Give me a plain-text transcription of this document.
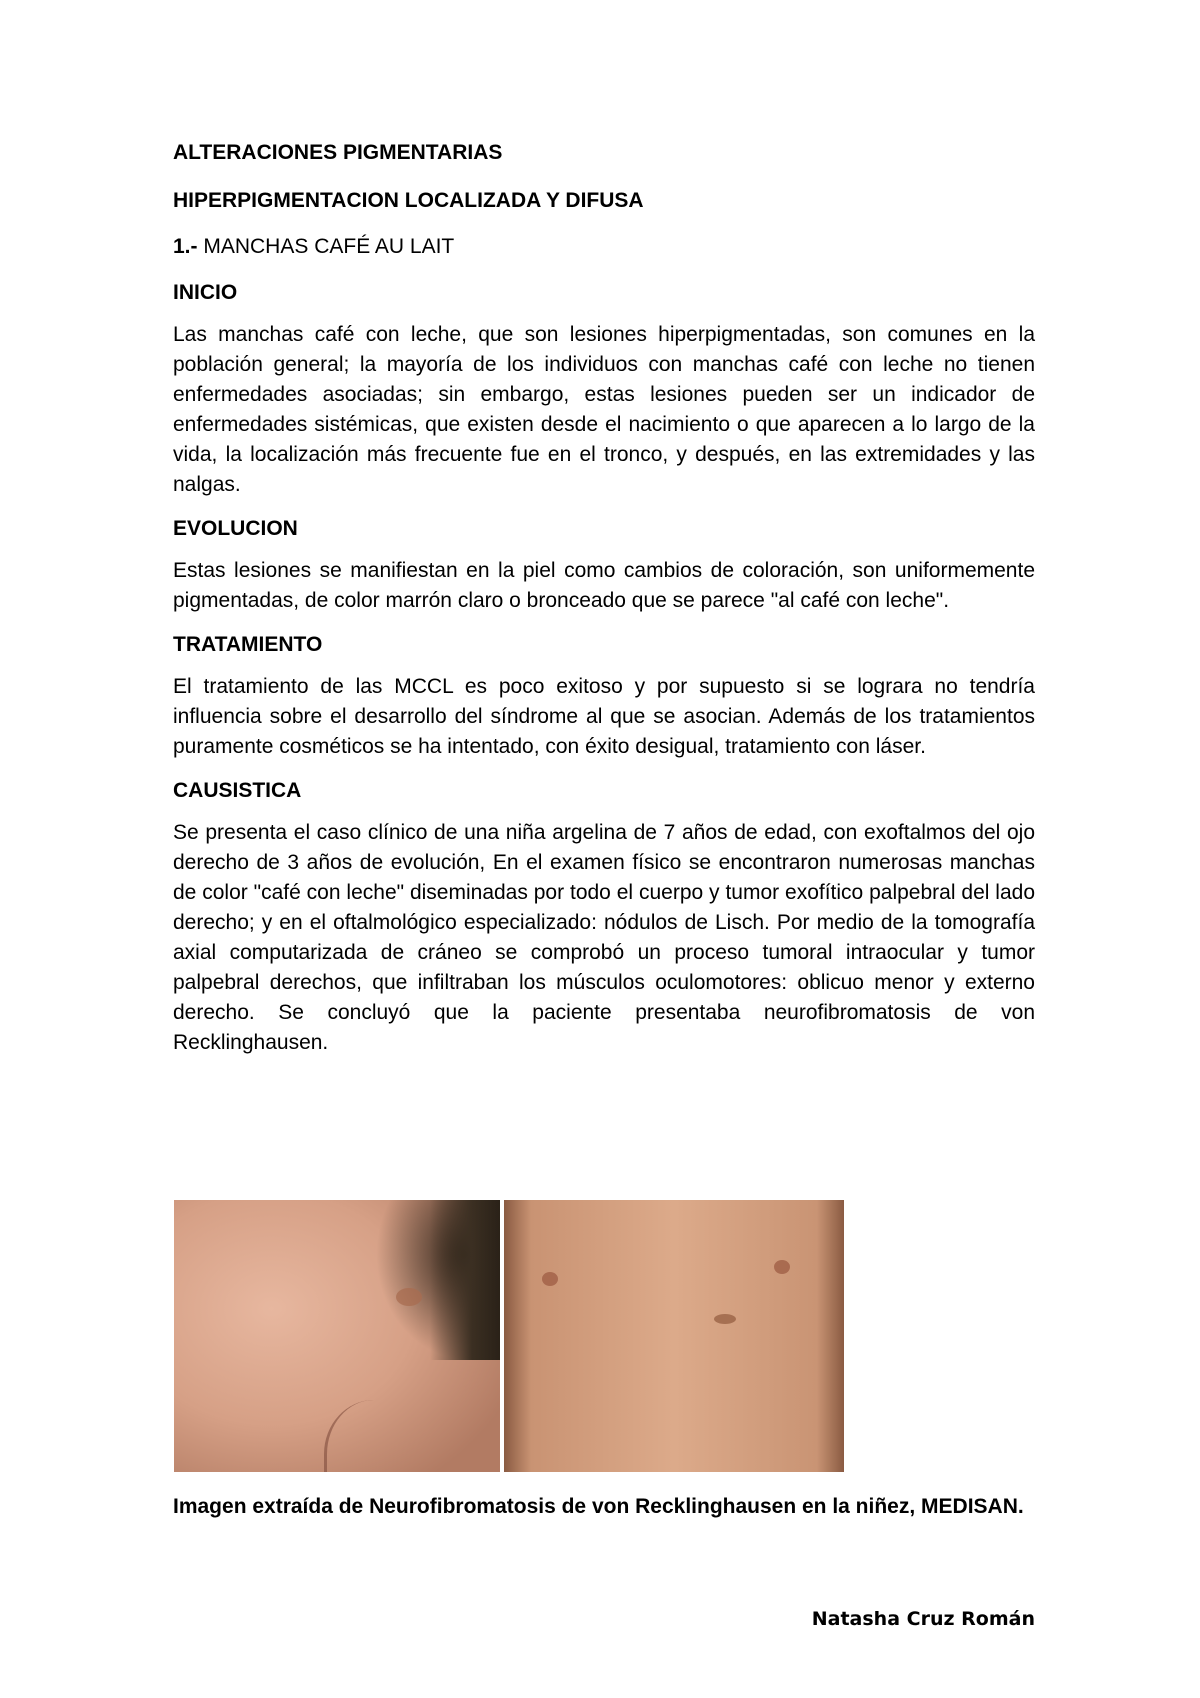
ALTERACIONES PIGMENTARIAS
HIPERPIGMENTACION LOCALIZADA Y DIFUSA
1.- MANCHAS CAFÉ AU LAIT
INICIO
Las manchas café con leche, que son lesiones hiperpigmentadas, son comunes en la población general; la mayoría de los individuos con manchas café con leche no tienen enfermedades asociadas; sin embargo, estas lesiones pueden ser un indicador de enfermedades sistémicas, que existen desde el nacimiento o que aparecen a lo largo de la vida, la localización más frecuente fue en el tronco, y después, en las extremidades y las nalgas.
EVOLUCION
Estas lesiones se manifiestan en la piel como cambios de coloración, son uniformemente pigmentadas, de color marrón claro o bronceado que se parece "al café con leche".
TRATAMIENTO
El tratamiento de las MCCL es poco exitoso y por supuesto si se lograra no tendría influencia sobre el desarrollo del síndrome al que se asocian. Además de los tratamientos puramente cosméticos se ha intentado, con éxito desigual, tratamiento con láser.
CAUSISTICA
Se presenta el caso clínico de una niña argelina de 7 años de edad, con exoftalmos del ojo derecho de 3 años de evolución, En el examen físico se encontraron numerosas manchas de color "café con leche" diseminadas por todo el cuerpo y tumor exofítico palpebral del lado derecho; y en el oftalmológico especializado: nódulos de Lisch. Por medio de la tomografía axial computarizada de cráneo se comprobó un proceso tumoral intraocular y tumor palpebral derechos, que infiltraban los músculos oculomotores: oblicuo menor y externo derecho. Se concluyó que la paciente presentaba neurofibromatosis de von Recklinghausen.
Imagen extraída de Neurofibromatosis de von Recklinghausen en la niñez, MEDISAN.
Natasha Cruz Román
